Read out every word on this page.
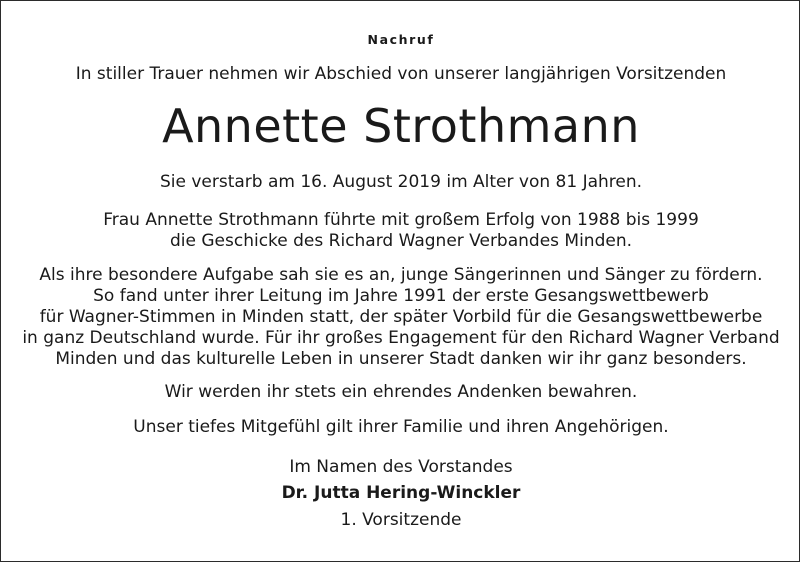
Nachruf
In stiller Trauer nehmen wir Abschied von unserer langjährigen Vorsitzenden
Annette Strothmann
Sie verstarb am 16. August 2019 im Alter von 81 Jahren.
Frau Annette Strothmann führte mit großem Erfolg von 1988 bis 1999
die Geschicke des Richard Wagner Verbandes Minden.
Als ihre besondere Aufgabe sah sie es an, junge Sängerinnen und Sänger zu fördern.
So fand unter ihrer Leitung im Jahre 1991 der erste Gesangswettbewerb
für Wagner-Stimmen in Minden statt, der später Vorbild für die Gesangswettbewerbe
in ganz Deutschland wurde. Für ihr großes Engagement für den Richard Wagner Verband
Minden und das kulturelle Leben in unserer Stadt danken wir ihr ganz besonders.
Wir werden ihr stets ein ehrendes Andenken bewahren.
Unser tiefes Mitgefühl gilt ihrer Familie und ihren Angehörigen.
Im Namen des Vorstandes
Dr. Jutta Hering-Winckler
1. Vorsitzende
